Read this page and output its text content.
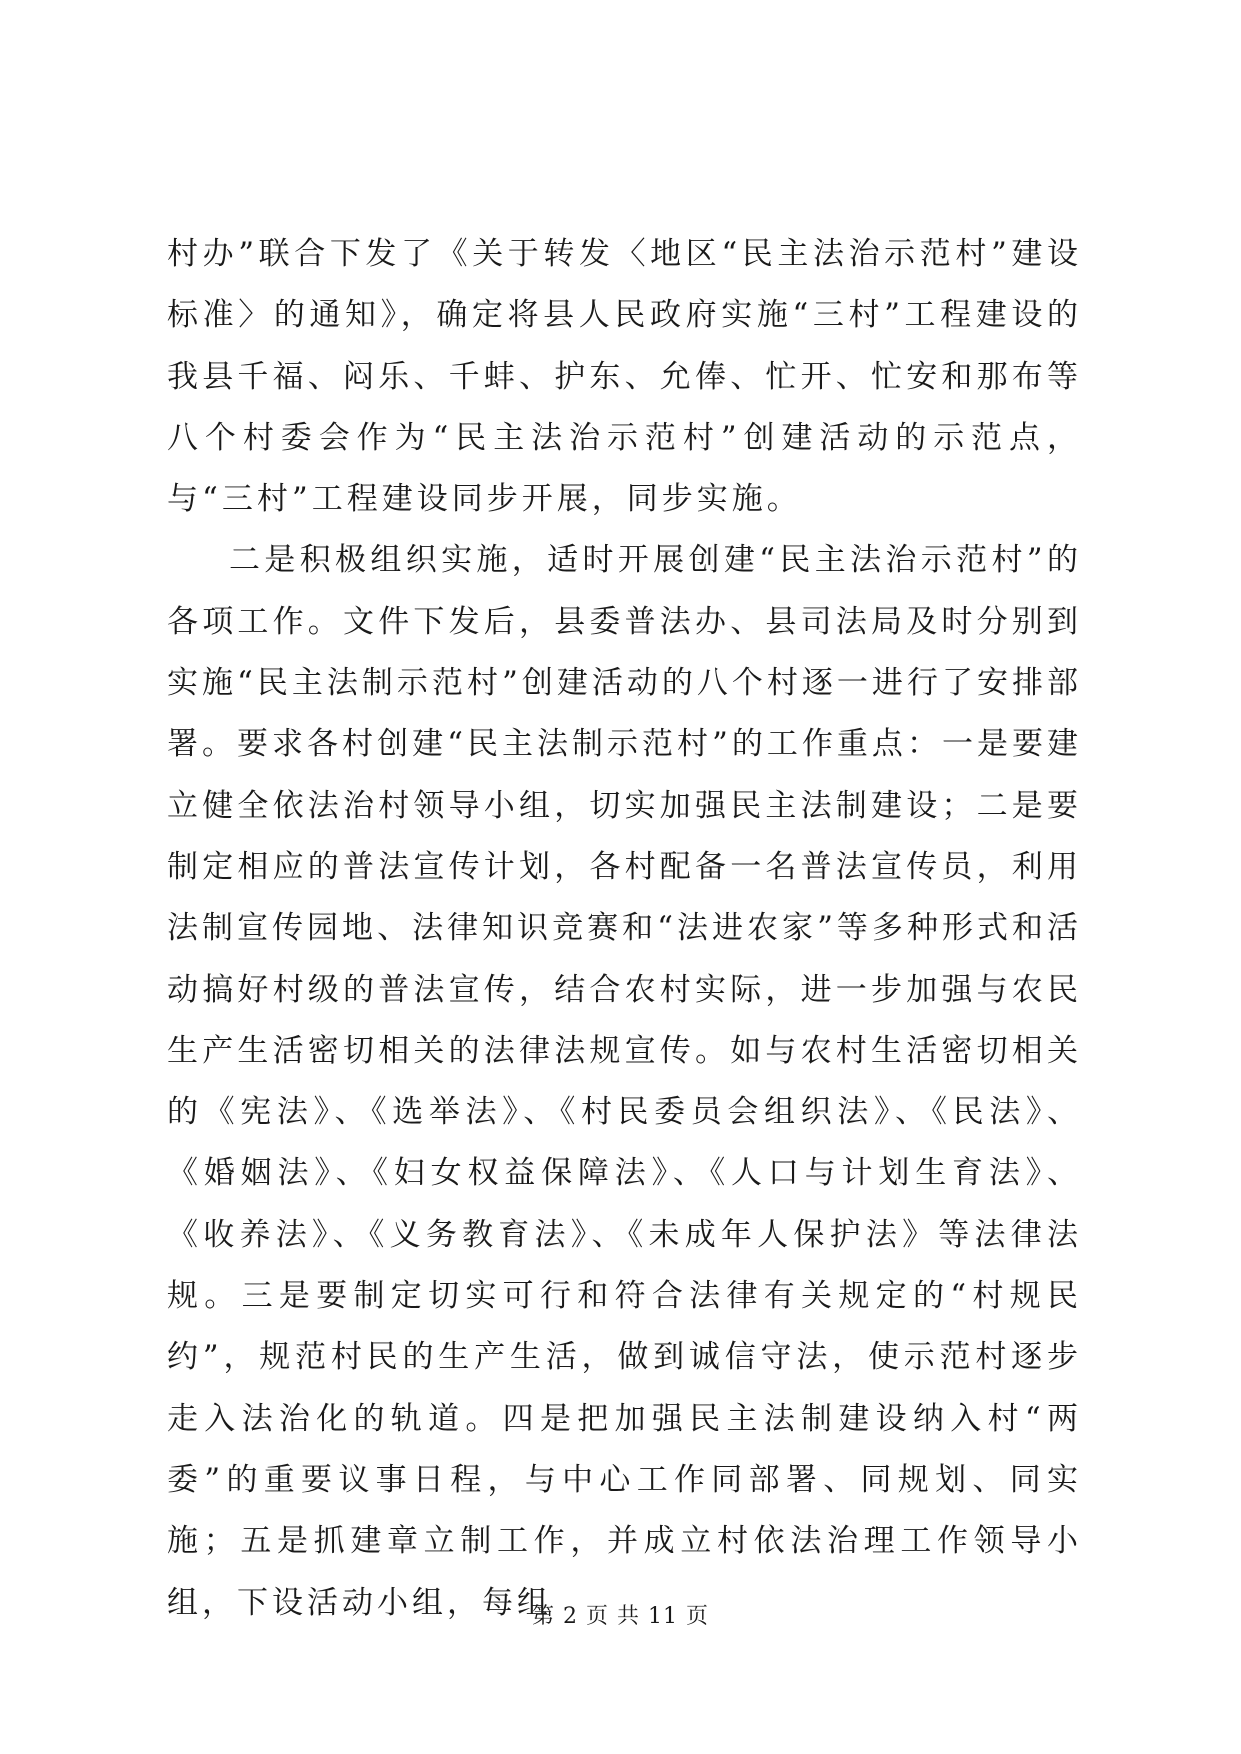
村办”联合下发了《关于转发〈地区“民主法治示范村”建设标准〉的通知》，确定将县人民政府实施“三村”工程建设的我县千福、闷乐、千蚌、护东、允俸、忙开、忙安和那布等八个村委会作为“民主法治示范村”创建活动的示范点，与“三村”工程建设同步开展，同步实施。

二是积极组织实施，适时开展创建“民主法治示范村”的各项工作。文件下发后，县委普法办、县司法局及时分别到实施“民主法制示范村”创建活动的八个村逐一进行了安排部署。要求各村创建“民主法制示范村”的工作重点：一是要建立健全依法治村领导小组，切实加强民主法制建设；二是要制定相应的普法宣传计划，各村配备一名普法宣传员，利用法制宣传园地、法律知识竞赛和“法进农家”等多种形式和活动搞好村级的普法宣传，结合农村实际，进一步加强与农民生产生活密切相关的法律法规宣传。如与农村生活密切相关的《宪法》、《选举法》、《村民委员会组织法》、《民法》、《婚姻法》、《妇女权益保障法》、《人口与计划生育法》、《收养法》、《义务教育法》、《未成年人保护法》等法律法规。三是要制定切实可行和符合法律有关规定的“村规民约”，规范村民的生产生活，做到诚信守法，使示范村逐步走入法治化的轨道。四是把加强民主法制建设纳入村“两委”的重要议事日程，与中心工作同部署、同规划、同实施；五是抓建章立制工作，并成立村依法治理工作领导小组，下设活动小组，每组

第 2 页 共 11 页
